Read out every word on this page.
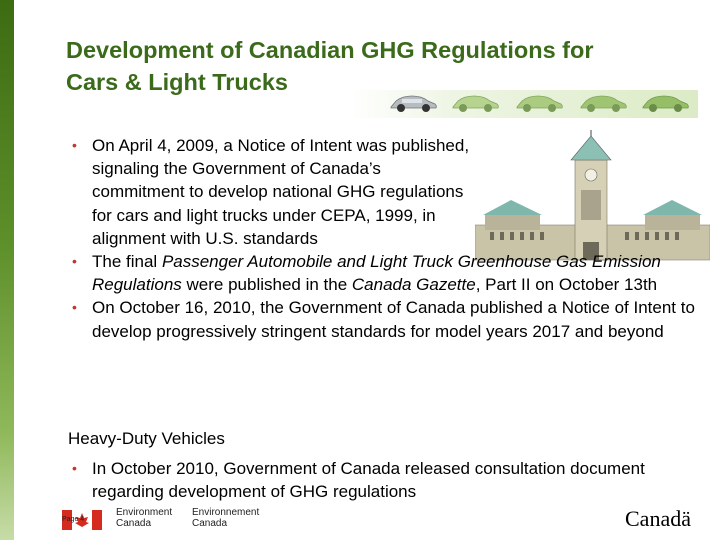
Development of Canadian GHG Regulations for
Cars & Light Trucks
• On April 4, 2009, a Notice of Intent was published, signaling the Government of Canada’s commitment to develop national GHG regulations for cars and light trucks under CEPA, 1999, in alignment with U.S. standards
• The final Passenger Automobile and Light Truck Greenhouse Gas Emission Regulations were published in the Canada Gazette, Part II on October 13th
• On October 16, 2010, the Government of Canada published a Notice of Intent to develop progressively stringent standards for model years 2017 and beyond
Heavy-Duty Vehicles
• In October 2010, Government of Canada released consultation document regarding development of GHG regulations
Environment
Canada
Environnement
Canada
Page 4	Canadä
